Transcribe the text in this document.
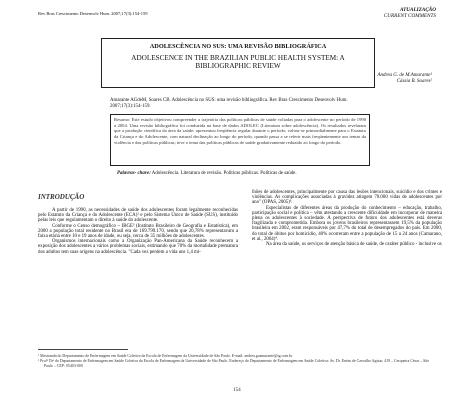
Rev Bras Crescimento Desenvolv Hum. 2007;17(3):154-159
ATUALIZAÇÃO
CURRENT COMMENTS
ADOLESCÊNCIA NO SUS: UMA REVISÃO BIBLIOGRÁFICA
ADOLESCENCE IN THE BRAZILIAN PUBLIC HEALTH SYSTEM: A BIBLIOGRAPHIC REVIEW
Andrea G. de M.Amarante¹
Cássia B. Soares²
Amarante AGdeM, Soares CB. Adolescência no SUS: uma revisão bibliográfica. Rev Bras Crescimento Desenvolv Hum. 2007;17(3):154-159.
Resumo: Este estudo objetivou compreender a trajetória das políticas públicas de saúde voltadas para o adolescente no período de 1990 a 2004. Uma revisão bibliográfica foi conduzida na base de dados ADOLEC (Literatura sobre adolescência). Os resultados revelaram que a produção científica da área da saúde: apresentou freqüência regular durante o período; voltou-se primordialmente para o Estatuto da Criança e do Adolescente, com natural declinação ao longo do período, quando passa a se referir mais freqüentemente aos temas da violência e das políticas públicas; teve o tema das políticas públicas de saúde gradativamente reduzido ao longo do período.
Palavras- chave: Adolescência. Literatura de revisão. Políticas públicas. Políticas de saúde.
INTRODUÇÃO

A partir de 1990, as necessidades de saúde dos adolescentes foram legalmente reconhecidas pelo Estatuto da Criança e do Adolescente (ECA)¹ e pelo Sistema Único de Saúde (SUS), instituído pelas leis que regulamentam o direito à saúde do adolescente.

Conforme o Censo demográfico – IBGE² (Instituto Brasileiro de Geografia e Estatística), em 2000 a população total residente no Brasil era de 169.799.170, sendo que 20,78% representavam a faixa etária entre 10 e 19 anos de idade, ou seja, cerca de 35 milhões de adolescentes.

Organismos internacionais como a Organização Pan-Americana da Saúde reconhecem a exposição dos adolescentes a vários problemas sociais, estimando que 70% da mortalidade prematura dos adultos tem suas origens na adolescência. "Cada vez perdem a vida uns 1,4 mi-

lhões de adolescentes, principalmente por causa das lesões intencionais, suicídio e dos crimes e violências. As complicações associadas à gravidez atingem 70.000 vidas de adolescentes por ano" (OPAS, 2005)³.

Especialistas de diferentes áreas da produção do conhecimento – educação, trabalho, participação social e política – vêm atestando a crescente dificuldade em incorporar de maneira plena os adolescentes à sociedade. A perspectiva de futuro dos adolescentes está deveras fragilizada e comprometida. Embora os jovens brasileiros representassem 19,5% da população brasileira em 2002, eram responsáveis por 47,7% do total de desempregados do país. Em 2000, do total de óbitos por homicídio, 40% ocorreram entre a população de 15 a 24 anos (Camarano, et al., 2004)⁴.

Na área da saúde, os serviços de atenção básica de saúde, de caráter público - inclusive os

¹ Mestranda do Departamento de Enfermagem em Saúde Coletiva da Escola de Enfermagem da Universidade de São Paulo. E-mail: andrea.goamarante@ig.com.br
² Profª Drª do Departamento de Enfermagem em Saúde Coletiva da Escola de Enfermagem da Universidade de São Paulo. Endereço do Departamento de Enfermagem em Saúde Coletiva: Av. Dr. Enéas de Carvalho Aguiar, 419 – Cerqueira César – São Paulo – CEP: 05403-000
154
